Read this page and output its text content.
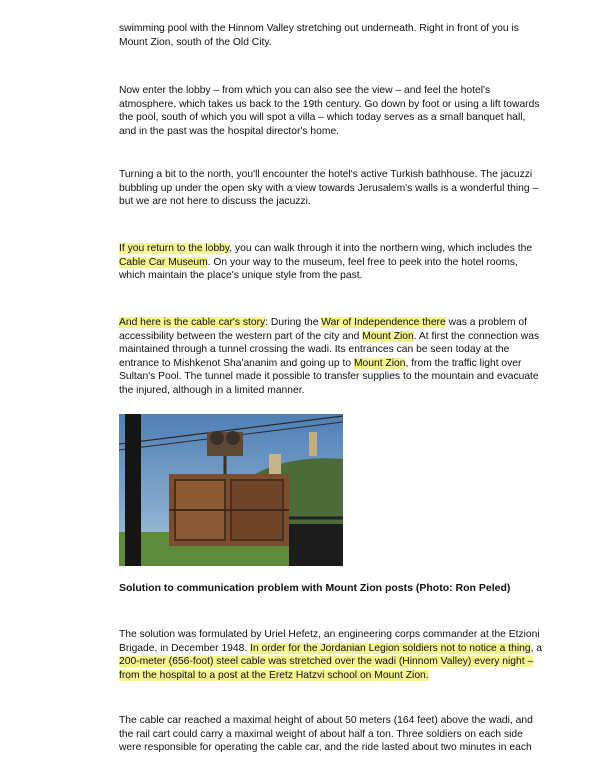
swimming pool with the Hinnom Valley stretching out underneath. Right in front of you is
Mount Zion, south of the Old City.

Now enter the lobby – from which you can also see the view – and feel the hotel's
atmosphere, which takes us back to the 19th century. Go down by foot or using a lift towards
the pool, south of which you will spot a villa – which today serves as a small banquet hall,
and in the past was the hospital director's home.

Turning a bit to the north, you'll encounter the hotel's active Turkish bathhouse. The jacuzzi
bubbling up under the open sky with a view towards Jerusalem's walls is a wonderful thing –
but we are not here to discuss the jacuzzi.

If you return to the lobby, you can walk through it into the northern wing, which includes the
Cable Car Museum. On your way to the museum, feel free to peek into the hotel rooms,
which maintain the place's unique style from the past.

And here is the cable car's story: During the War of Independence there was a problem of
accessibility between the western part of the city and Mount Zion. At first the connection was
maintained through a tunnel crossing the wadi. Its entrances can be seen today at the
entrance to Mishkenot Sha'ananim and going up to Mount Zion, from the traffic light over
Sultan's Pool. The tunnel made it possible to transfer supplies to the mountain and evacuate
the injured, although in a limited manner.

Solution to communication problem with Mount Zion posts (Photo: Ron Peled)

The solution was formulated by Uriel Hefetz, an engineering corps commander at the Etzioni
Brigade, in December 1948. In order for the Jordanian Legion soldiers not to notice a thing, a
200-meter (656-foot) steel cable was stretched over the wadi (Hinnom Valley) every night –
from the hospital to a post at the Eretz Hatzvi school on Mount Zion.

The cable car reached a maximal height of about 50 meters (164 feet) above the wadi, and
the rail cart could carry a maximal weight of about half a ton. Three soldiers on each side
were responsible for operating the cable car, and the ride lasted about two minutes in each
